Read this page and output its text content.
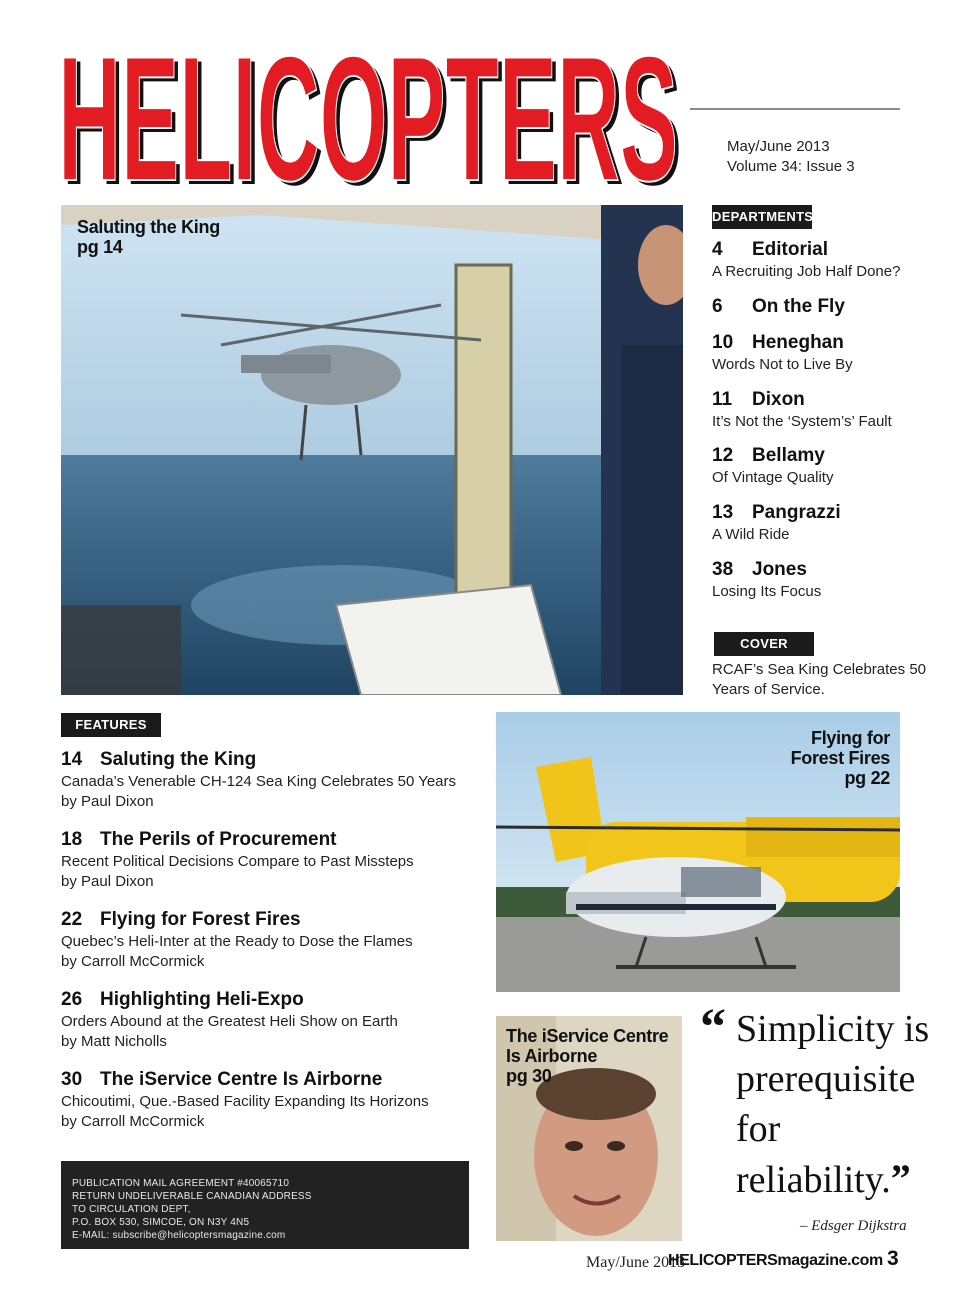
HELICOPTERS
HELICOPTERS	May/June 2013
Volume 34: Issue 3
Saluting the King
pg 14
DEPARTMENTS
4 Editorial
A Recruiting Job Half Done?
6 On the Fly
10 Heneghan
Words Not to Live By
11 Dixon
It’s Not the ‘System’s’ Fault
12 Bellamy
Of Vintage Quality
13 Pangrazzi
A Wild Ride
38 Jones
Losing Its Focus
COVER
RCAF’s Sea King Celebrates 50
Years of Service.
FEATURES
14 Saluting the King
Canada’s Venerable CH-124 Sea King Celebrates 50 Years
by Paul Dixon
18 The Perils of Procurement
Recent Political Decisions Compare to Past Missteps
by Paul Dixon
22 Flying for Forest Fires
Quebec’s Heli-Inter at the Ready to Dose the Flames
by Carroll McCormick
26 Highlighting Heli-Expo
Orders Abound at the Greatest Heli Show on Earth
by Matt Nicholls
30 The iService Centre Is Airborne
Chicoutimi, Que.-Based Facility Expanding Its Horizons
by Carroll McCormick
Flying for
Forest Fires
pg 22
The iService Centre
Is Airborne
pg 30
“ Simplicity is
prerequisite
for
reliability.”
– Edsger Dijkstra
PUBLICATION MAIL AGREEMENT #40065710
RETURN UNDELIVERABLE CANADIAN ADDRESS
TO CIRCULATION DEPT,
P.O. BOX 530, SIMCOE, ON N3Y 4N5
E-MAIL: subscribe@helicoptersmagazine.com
May/June 2013
HELICOPTERSmagazine.com 3
